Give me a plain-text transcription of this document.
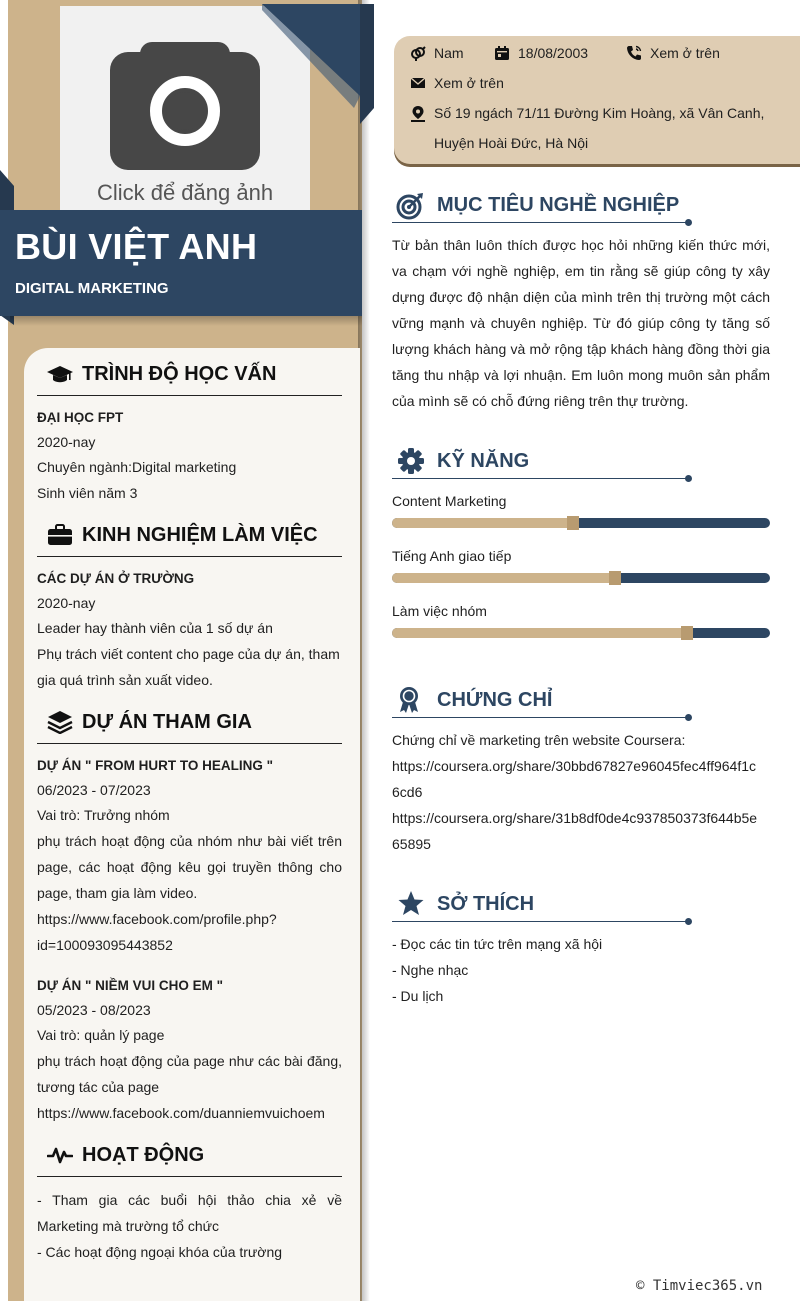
Click để đăng ảnh
BÙI VIỆT ANH
DIGITAL MARKETING
TRÌNH ĐỘ HỌC VẤN
ĐẠI HỌC FPT
2020-nay
Chuyên ngành:Digital marketing
Sinh viên năm 3
KINH NGHIỆM LÀM VIỆC
CÁC DỰ ÁN Ở TRƯỜNG
2020-nay
Leader hay thành viên của 1 số dự án
Phụ trách viết content cho page của dự án, tham
gia quá trình sản xuất video.
DỰ ÁN THAM GIA
DỰ ÁN " FROM HURT TO HEALING "
06/2023 - 07/2023
Vai trò: Trưởng nhóm
phụ trách hoạt động của nhóm như bài viết trên page, các hoạt động kêu gọi truyền thông cho page, tham gia làm video.
https://www.facebook.com/profile.php?
id=100093095443852
DỰ ÁN " NIỀM VUI CHO EM "
05/2023 - 08/2023
Vai trò: quản lý page
phụ trách hoạt động của page như các bài đăng, tương tác của page
https://www.facebook.com/duanniemvuichoem
HOẠT ĐỘNG
- Tham gia các buổi hội thảo chia xẻ về Marketing mà trường tổ chức
- Các hoạt động ngoại khóa của trường
Nam	18/08/2003	Xem ở trên
Xem ở trên
Số 19 ngách 71/11 Đường Kim Hoàng, xã Vân Canh,
Huyện Hoài Đức, Hà Nội
MỤC TIÊU NGHỀ NGHIỆP
Từ bản thân luôn thích được học hỏi những kiến thức mới, va chạm với nghề nghiệp, em tin rằng sẽ giúp công ty xây dựng được độ nhận diện của mình trên thị trường một cách vững mạnh và chuyên nghiệp. Từ đó giúp công ty tăng số lượng khách hàng và mở rộng tập khách hàng đồng thời gia tăng thu nhập và lợi nhuận. Em luôn mong muôn sản phẩm của mình sẽ có chỗ đứng riêng trên thự trường.
KỸ NĂNG
Content Marketing
Tiếng Anh giao tiếp
Làm việc nhóm
CHỨNG CHỈ
Chứng chỉ về marketing trên website Coursera:
https://coursera.org/share/30bbd67827e96045fec4ff964f1c
6cd6
https://coursera.org/share/31b8df0de4c937850373f644b5e
65895
SỞ THÍCH
- Đọc các tin tức trên mạng xã hội
- Nghe nhạc
- Du lịch
© Timviec365.vn
